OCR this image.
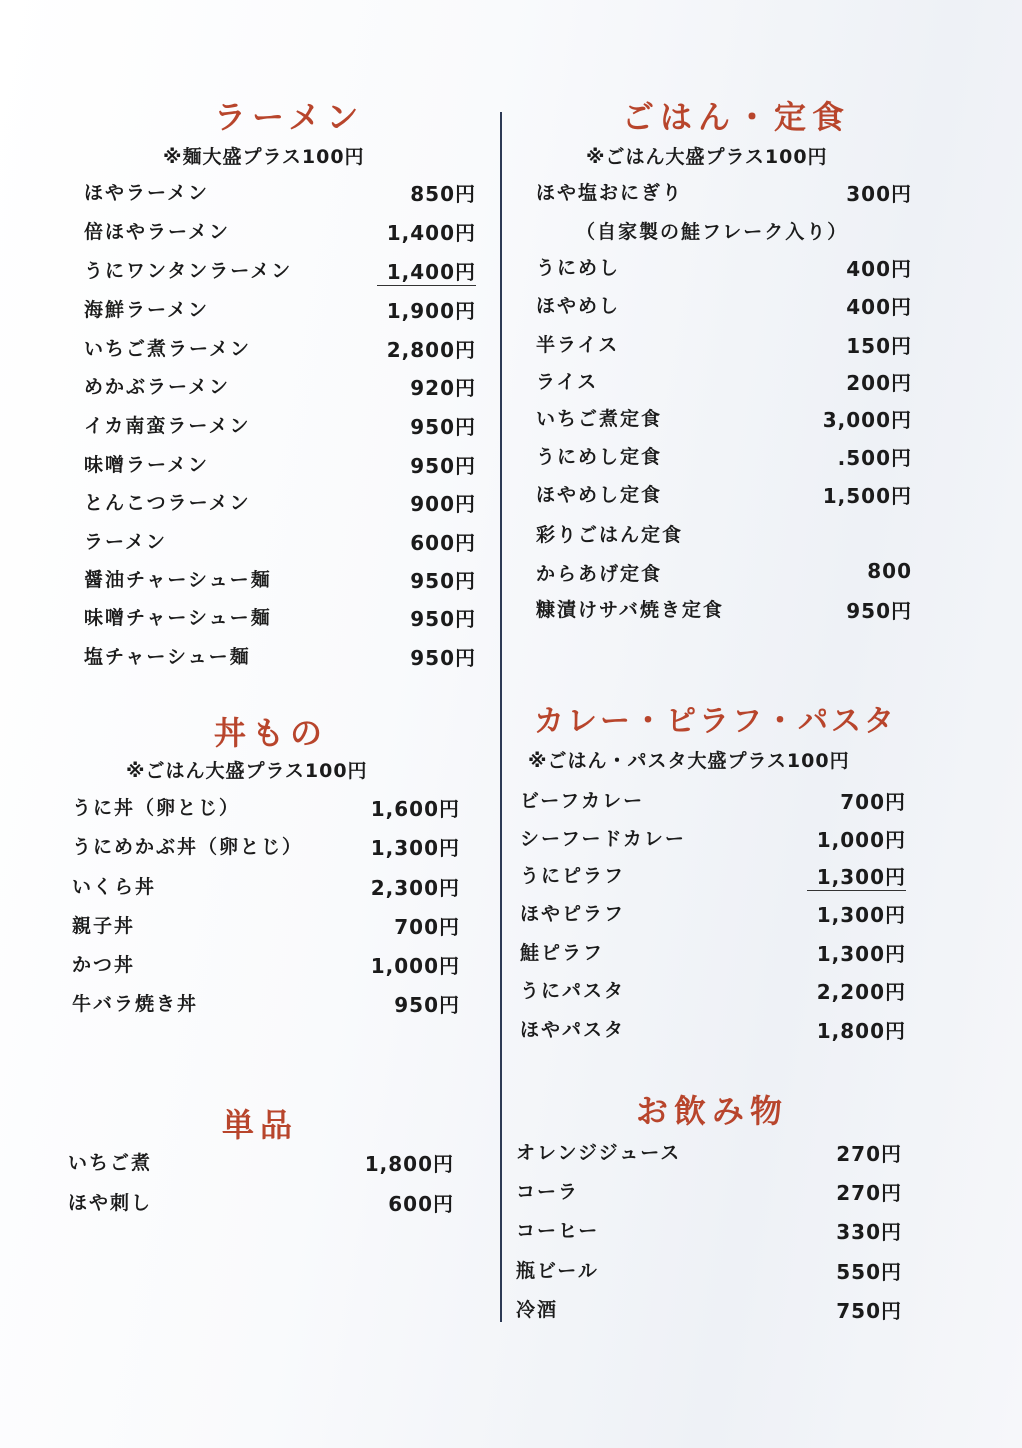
ラーメン
※麺大盛プラス100円
ほやラーメン	850円
倍ほやラーメン	1,400円
うにワンタンラーメン	1,400円
海鮮ラーメン	1,900円
いちご煮ラーメン	2,800円
めかぶラーメン	920円
イカ南蛮ラーメン	950円
味噌ラーメン	950円
とんこつラーメン	900円
ラーメン	600円
醤油チャーシュー麺	950円
味噌チャーシュー麺	950円
塩チャーシュー麺	950円
丼もの
※ごはん大盛プラス100円
うに丼（卵とじ）	1,600円
うにめかぶ丼（卵とじ）	1,300円
いくら丼	2,300円
親子丼	700円
かつ丼	1,000円
牛バラ焼き丼	950円
単品
いちご煮	1,800円
ほや刺し	600円
ごはん・定食
※ごはん大盛プラス100円
ほや塩おにぎり	300円
（自家製の鮭フレーク入り）
うにめし	400円
ほやめし	400円
半ライス	150円
ライス	200円
いちご煮定食	3,000円
うにめし定食	.500円
ほやめし定食	1,500円
彩りごはん定食
からあげ定食	800
糠漬けサバ焼き定食	950円
カレー・ピラフ・パスタ
※ごはん・パスタ大盛プラス100円
ビーフカレー	700円
シーフードカレー	1,000円
うにピラフ	1,300円
ほやピラフ	1,300円
鮭ピラフ	1,300円
うにパスタ	2,200円
ほやパスタ	1,800円
お飲み物
オレンジジュース	270円
コーラ	270円
コーヒー	330円
瓶ビール	550円
冷酒	750円
